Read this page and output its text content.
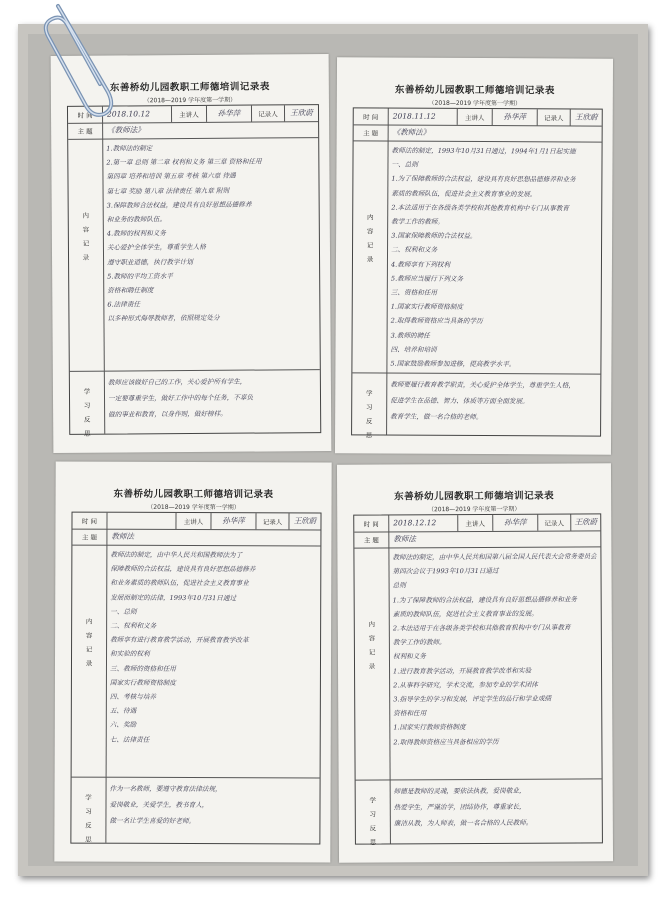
东善桥幼儿园教职工师德培训记录表
（2018—2019 学年度第一学期）
时 间	2018.10.12	主讲人	孙华萍	记录人	王欣蔚
主 题	《教师法》
内容记录
1.教师法的制定
2.第一章 总则 第二章 权利和义务 第三章 资格和任用
第四章 培养和培训 第五章 考核 第六章 待遇
第七章 奖励 第八章 法律责任 第九章 附则
3.保障教师合法权益，建设具有良好思想品德修养
和业务的教师队伍。
4.教师的权利和义务
关心爱护全体学生，尊重学生人格
遵守职业道德，执行教学计划
5.教师的平均工资水平
资格和聘任制度
6.法律责任
以多种形式侮辱教师者，依照规定处分
学习反思
教师应该做好自己的工作，关心爱护所有学生，
一定要尊重学生，做好工作中的每个任务，不辜负
做的事业和教育，以身作则，做好榜样。
东善桥幼儿园教职工师德培训记录表
（2018—2019 学年度第一学期）
时 间	2018.11.12	主讲人	孙华萍	记录人	王欣蔚
主 题	《教师法》
内容记录
教师法的制定，1993年10月31日通过，1994年1月1日起实施
一、总则
1.为了保障教师的合法权益，建设具有良好思想品德修养和业务
素质的教师队伍，促进社会主义教育事业的发展。
2.本法适用于在各级各类学校和其他教育机构中专门从事教育
教学工作的教师。
3.国家保障教师的合法权益。
二、权利和义务
4.教师享有下列权利
5.教师应当履行下列义务
三、资格和任用
1.国家实行教师资格制度
2.取得教师资格应当具备的学历
3.教师的聘任
四、培养和培训
5.国家鼓励教师参加进修，提高教学水平。
学习反思
教师要履行教育教学职责，关心爱护全体学生，尊重学生人格，
促进学生在品德、智力、体质等方面全面发展。
教育学生，做一名合格的老师。
东善桥幼儿园教职工师德培训记录表
（2018—2019 学年度第一学期）
时 间	主讲人	孙华萍	记录人	王欣蔚
主 题	教师法
内容记录
教师法的制定，由中华人民共和国教师法为了
保障教师的合法权益，建设具有良好思想品德修养
和业务素质的教师队伍，促进社会主义教育事业
发展而制定的法律，1993年10月31日通过
一、总则
二、权利和义务
教师享有进行教育教学活动，开展教育教学改革
和实验的权利
三、教师的资格和任用
国家实行教师资格制度
四、考核与培养
五、待遇
六、奖励
七、法律责任
学习反思
作为一名教师，要遵守教育法律法规，
爱岗敬业，关爱学生，教书育人，
做一名让学生喜爱的好老师。
东善桥幼儿园教职工师德培训记录表
（2018—2019 学年度第一学期）
时 间	2018.12.12	主讲人	孙华萍	记录人	王欣蔚
主 题	教师法
内容记录
教师法的制定，由中华人民共和国第八届全国人民代表大会常务委员会
第四次会议于1993年10月31日通过
总则
1.为了保障教师的合法权益，建设具有良好思想品德修养和业务
素质的教师队伍，促进社会主义教育事业的发展。
2.本法适用于在各级各类学校和其他教育机构中专门从事教育
教学工作的教师。
权利和义务
1.进行教育教学活动，开展教育教学改革和实验
2.从事科学研究，学术交流，参加专业的学术团体
3.指导学生的学习和发展，评定学生的品行和学业成绩
资格和任用
1.国家实行教师资格制度
2.取得教师资格应当具备相应的学历
学习反思
师德是教师的灵魂，要依法执教，爱岗敬业，
热爱学生，严谨治学，团结协作，尊重家长，
廉洁从教，为人师表，做一名合格的人民教师。
